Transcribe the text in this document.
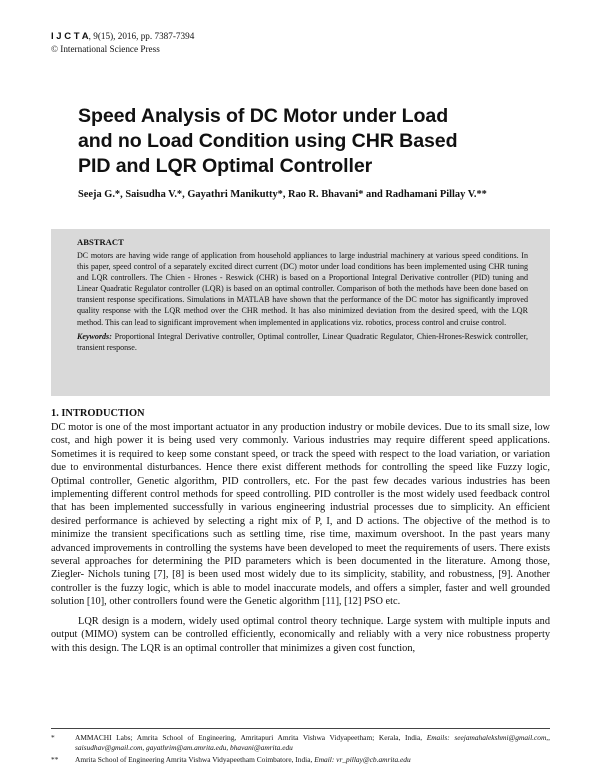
I J C T A, 9(15), 2016, pp. 7387-7394
© International Science Press
Speed Analysis of DC Motor under Load
and no Load Condition using CHR Based
PID and LQR Optimal Controller
Seeja G.*, Saisudha V.*, Gayathri Manikutty*, Rao R. Bhavani* and Radhamani Pillay V.**
ABSTRACT
DC motors are having wide range of application from household appliances to large industrial machinery at various speed conditions. In this paper, speed control of a separately excited direct current (DC) motor under load conditions has been implemented using CHR tuning and LQR controllers. The Chien - Hrones - Reswick (CHR) is based on a Proportional Integral Derivative controller (PID) tuning and Linear Quadratic Regulator controller (LQR) is based on an optimal controller. Comparison of both the methods have been done based on transient response specifications. Simulations in MATLAB have shown that the performance of the DC motor has significantly improved quality response with the LQR method over the CHR method. It has also minimized deviation from the desired speed, with the LQR method. This can lead to significant improvement when implemented in applications viz. robotics, process control and cruise control.
Keywords: Proportional Integral Derivative controller, Optimal controller, Linear Quadratic Regulator, Chien-Hrones-Reswick controller, transient response.
1. INTRODUCTION

DC motor is one of the most important actuator in any production industry or mobile devices. Due to its small size, low cost, and high power it is being used very commonly. Various industries may require different speed applications. Sometimes it is required to keep some constant speed, or track the speed with respect to the load variation, or variation due to environmental disturbances. Hence there exist different methods for controlling the speed like Fuzzy logic, Optimal controller, Genetic algorithm, PID controllers, etc. For the past few decades various industries has been implementing different control methods for speed controlling. PID controller is the most widely used feedback control that has been implemented successfully in various engineering industrial processes due to simplicity. An efficient desired performance is achieved by selecting a right mix of P, I, and D actions. The objective of the method is to minimize the transient specifications such as settling time, rise time, maximum overshoot. In the past years many advanced improvements in controlling the systems have been developed to meet the requirements of users. There exists several approaches for determining the PID parameters which is been documented in the literature. Among those, Ziegler- Nichols tuning [7], [8] is been used most widely due to its simplicity, stability, and robustness, [9]. Another controller is the fuzzy logic, which is able to model inaccurate models, and offers a simpler, faster and well grounded solution [10], other controllers found were the Genetic algorithm [11], [12] PSO etc.

LQR design is a modern, widely used optimal control theory technique. Large system with multiple inputs and output (MIMO) system can be controlled efficiently, economically and reliably with a very nice robustness property with this design. The LQR is an optimal controller that minimizes a given cost function,

*	AMMACHI Labs; Amrita School of Engineering, Amritapuri Amrita Vishwa Vidyapeetham; Kerala, India, Emails: seejamahalekshmi@gmail.com,, saisudhav@gmail.com, gayathrim@am.amrita.edu, bhavani@amrita.edu
** Amrita School of Engineering Amrita Vishwa Vidyapeetham Coimbatore, India, Email: vr_pillay@cb.amrita.edu
